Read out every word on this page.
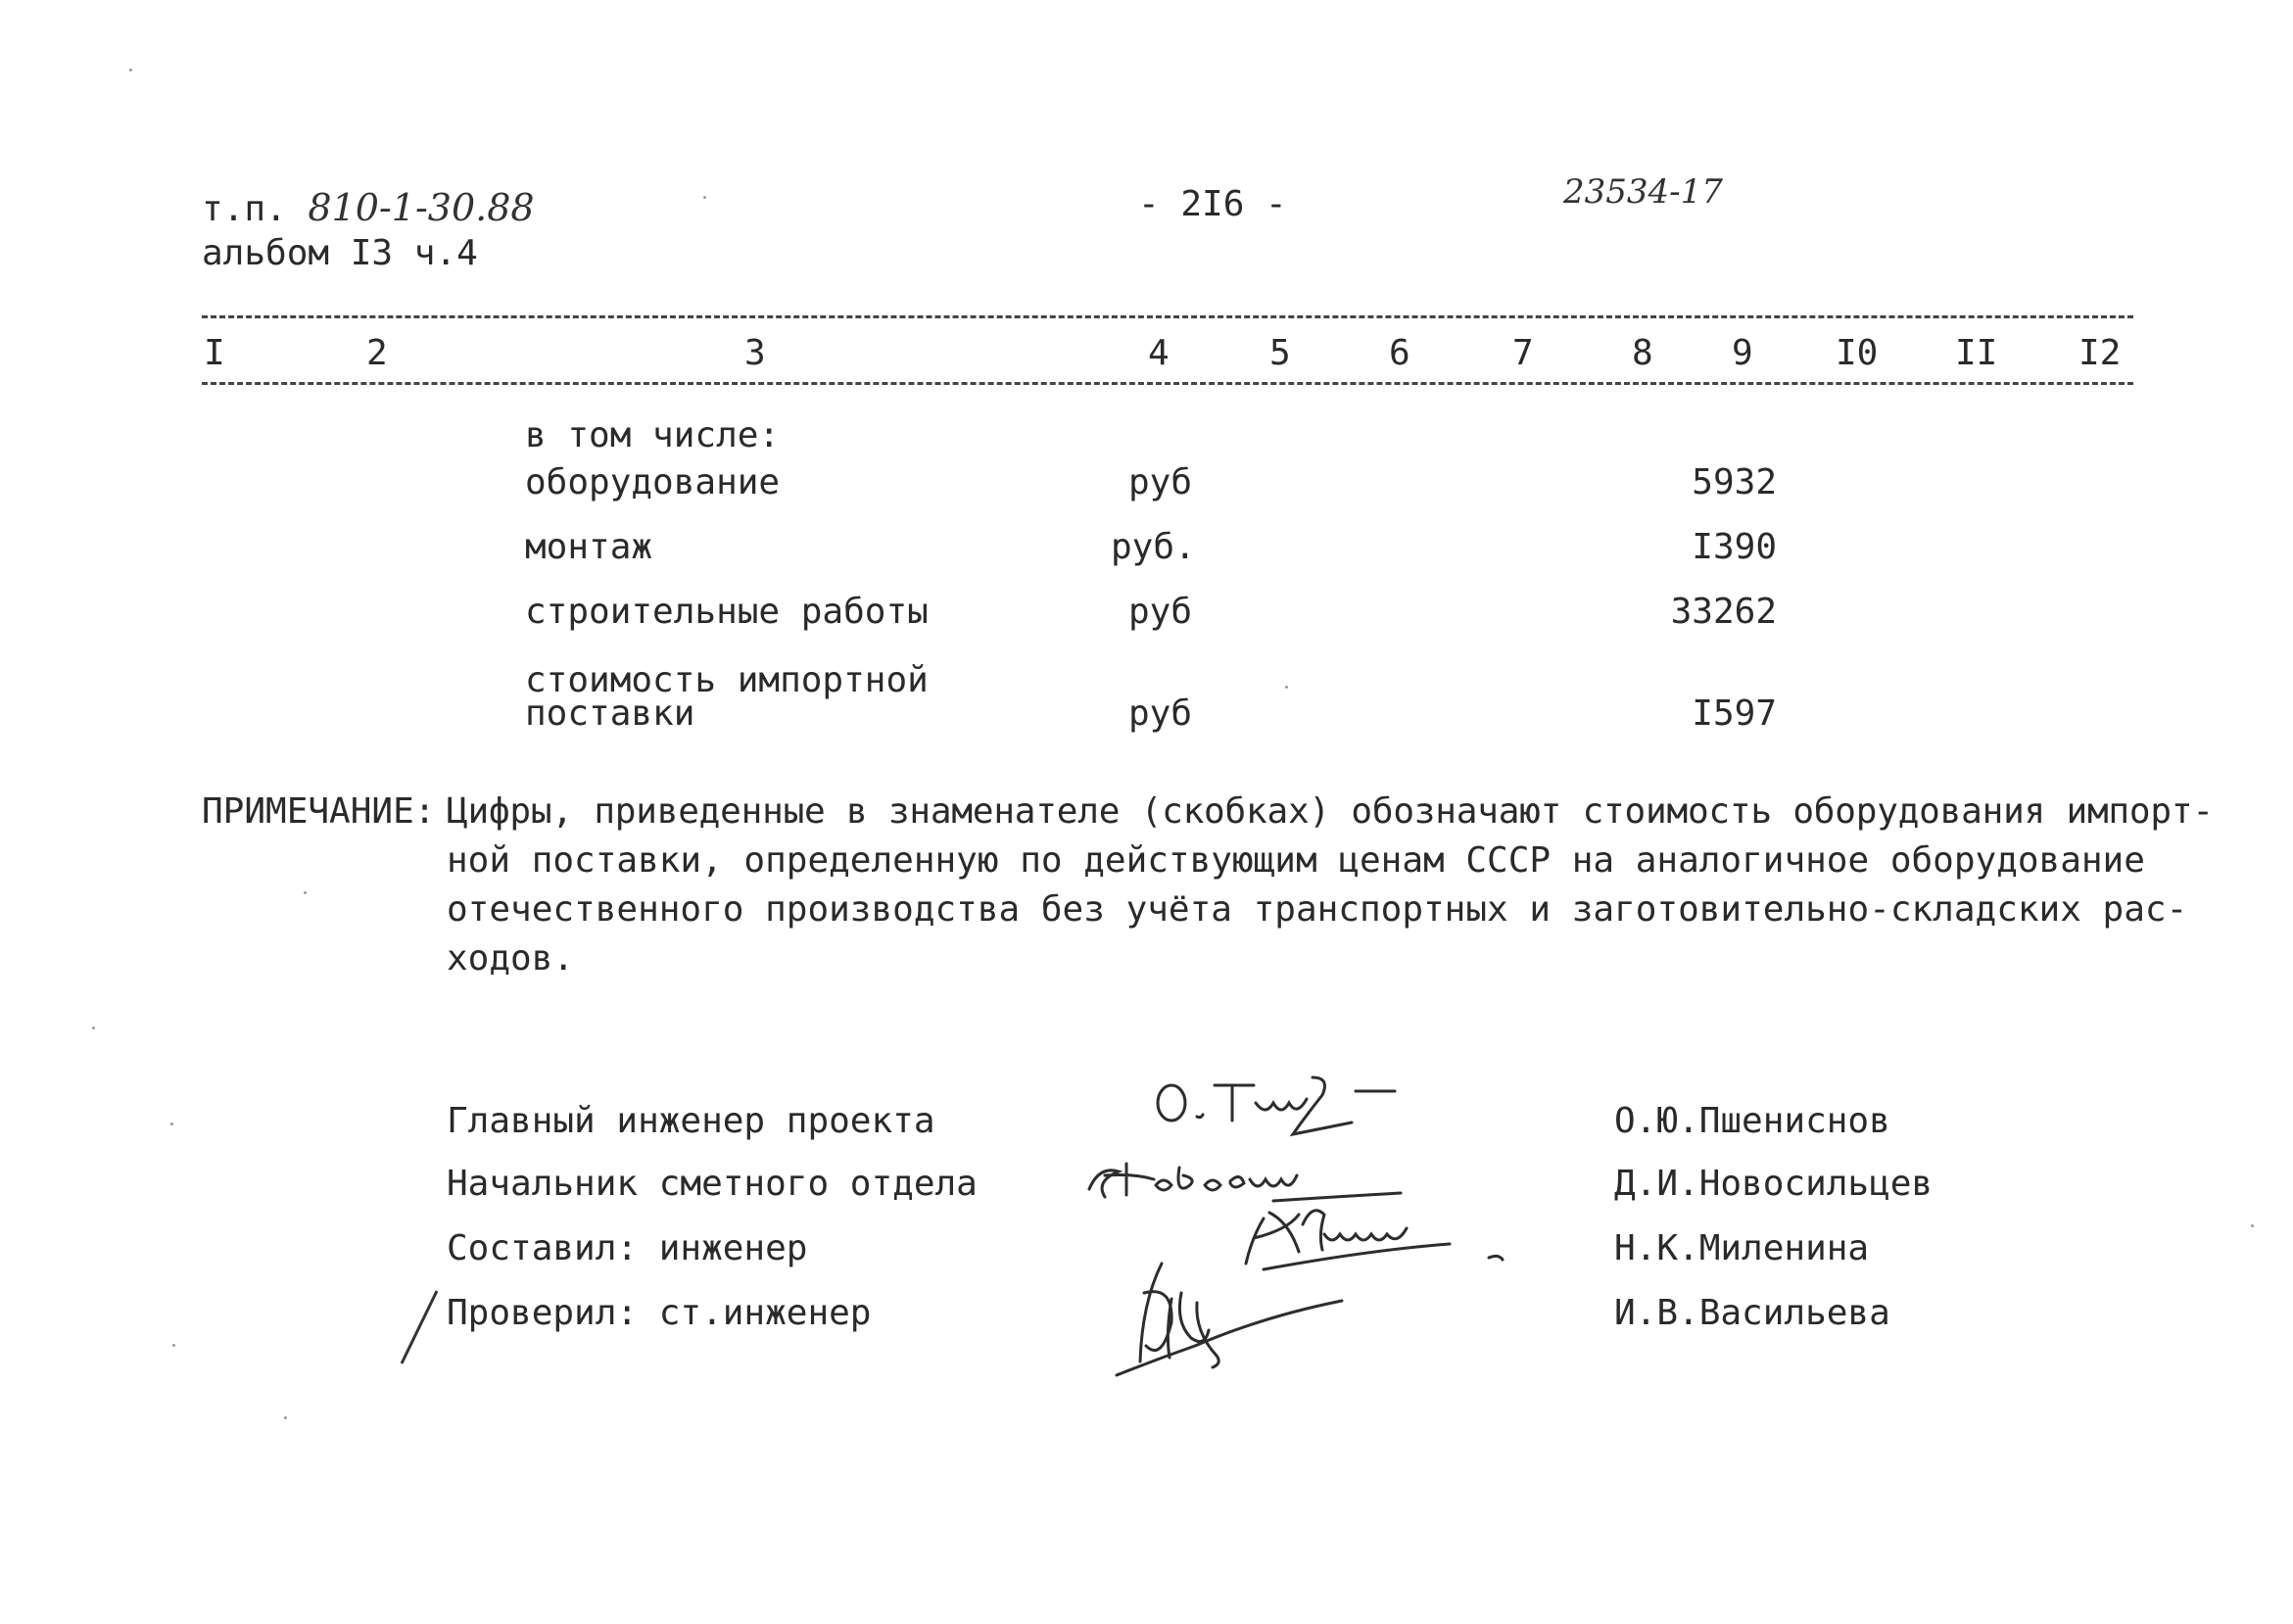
т.п. 810-1-30.88
альбом I3 ч.4
- 2I6 -	23534-17
I	2	3	4	5	6	7	8 9 I0 II I2
в том числе:
оборудование	руб	5932
монтаж	руб.	I390
строительные работы	руб	33262
стоимость импортной
поставки	руб	I597
ПРИМЕЧАНИЕ: Цифры, приведенные в знаменателе (скобках) обозначают стоимость оборудования импорт-
ной поставки, определенную по действующим ценам СССР на аналогичное оборудование
отечественного производства без учёта транспортных и заготовительно-складских рас-
ходов.
Главный инженер проекта	О.Ю.Пшениснов
Начальник сметного отдела	Д.И.Новосильцев
Составил: инженер	Н.К.Миленина
Проверил: ст.инженер	И.В.Васильева
